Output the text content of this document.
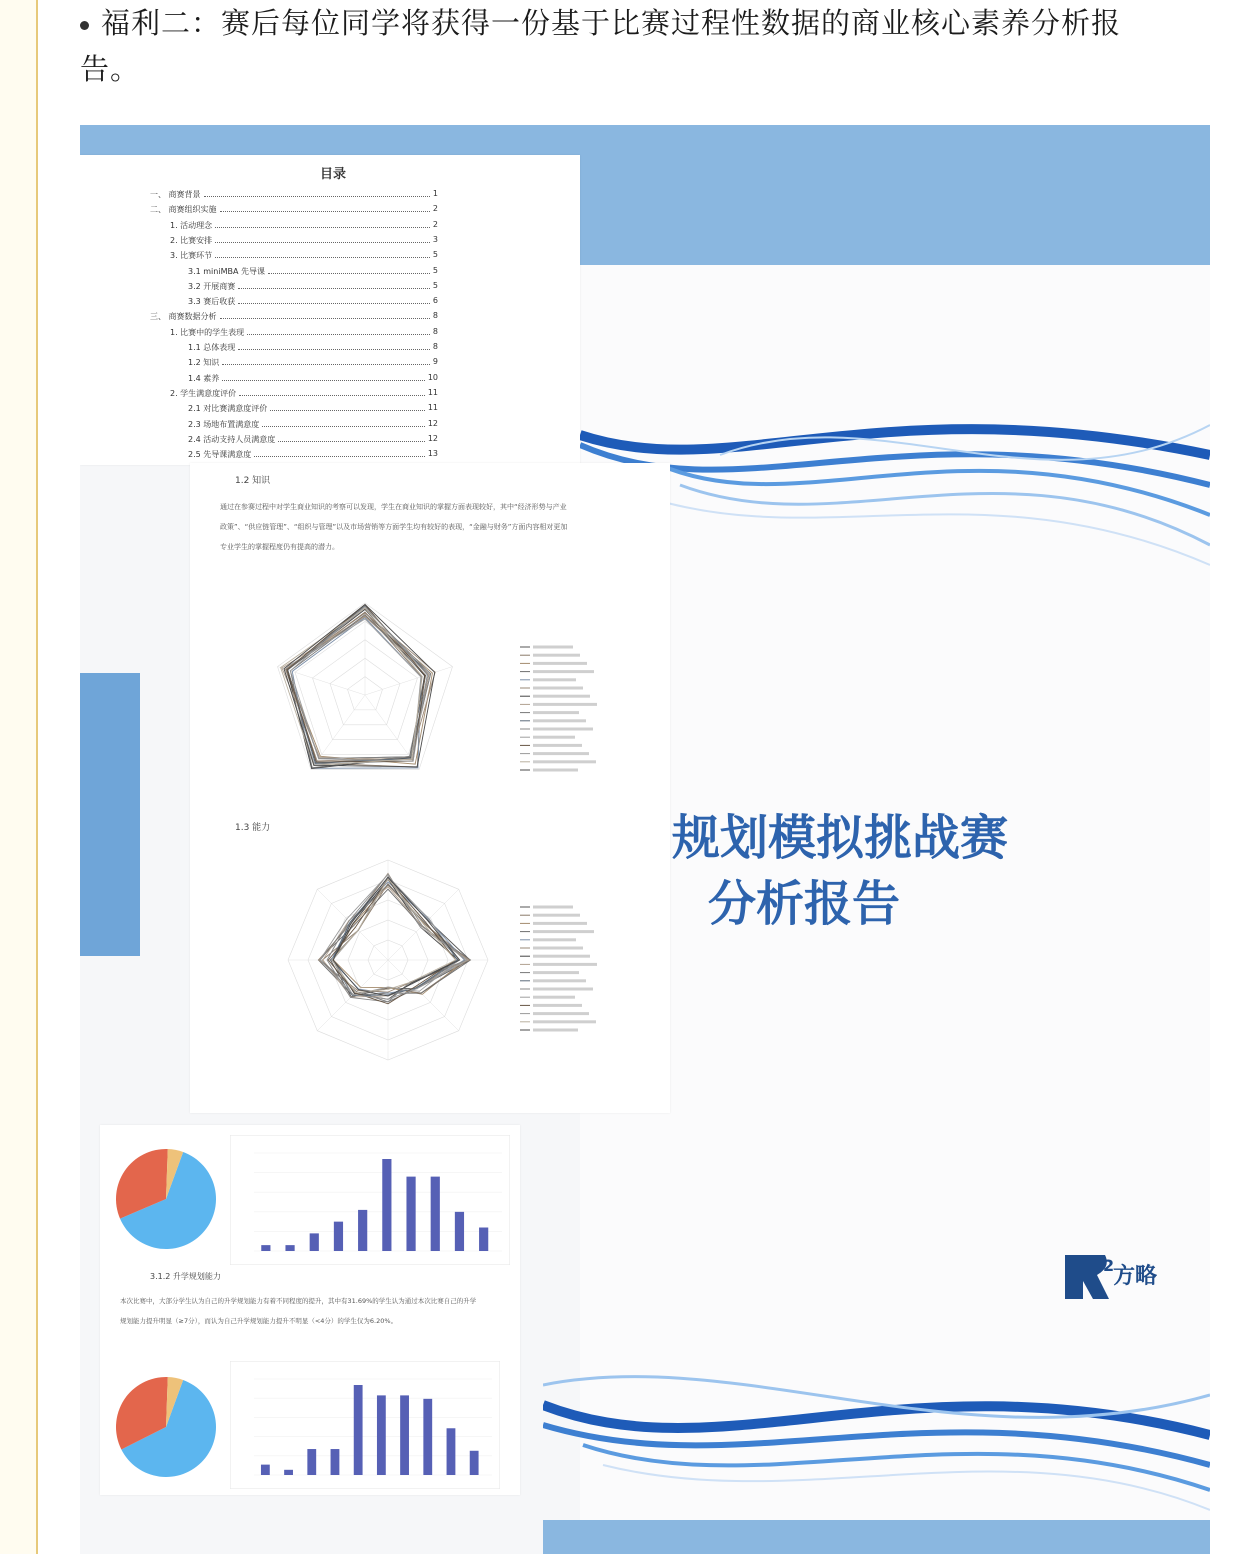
福利二：赛后每位同学将获得一份基于比赛过程性数据的商业核心素养分析报
告。
规划模拟挑战赛
分析报告
2
方略
目录
一、 商赛背景	1
二、 商赛组织实施	2
1. 活动理念	2
2. 比赛安排	3
3. 比赛环节	5
3.1 miniMBA 先导课	5
3.2 开展商赛	5
3.3 赛后收获	6
三、 商赛数据分析	8
1. 比赛中的学生表现	8
1.1 总体表现	8
1.2 知识	9
1.4 素养	10
2. 学生满意度评价	11
2.1 对比赛满意度评价	11
2.3 场地布置满意度	12
2.4 活动支持人员满意度	12
2.5 先导课满意度	13
1.2 知识
通过在参赛过程中对学生商业知识的考察可以发现，学生在商业知识的掌握方面表现较好，其中“经济形势与产业政策”、“供应链管理”、“组织与管理”以及市场营销等方面学生均有较好的表现，“金融与财务”方面内容相对更加专业学生的掌握程度仍有提高的潜力。
1.3 能力
3.1.2 升学规划能力
本次比赛中，大部分学生认为自己的升学规划能力有着不同程度的提升，其中有31.69%的学生认为通过本次比赛自己的升学规划能力提升明显（≥7分），而认为自己升学规划能力提升不明显（<4分）的学生仅为6.20%。
